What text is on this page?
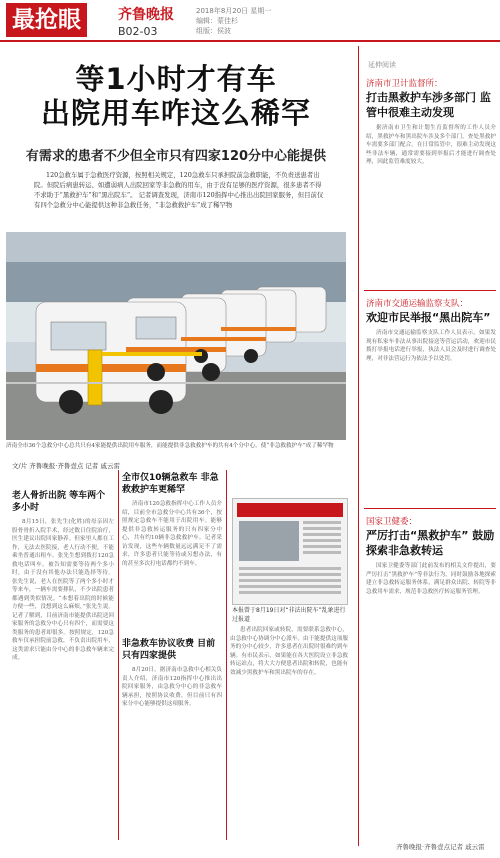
最抢眼	齐鲁晚报	2018年8月20日 星期一
编辑：蒙佳杉
组版：侯波
B02-03
等1小时才有车
出院用车咋这么稀罕
有需求的患者不少但全市只有四家120分中心能提供
120急救车属于急救医疗资源，按照相关规定，120急救车只承担院前急救职能，不负责送患者出院。但院后病患转运、如遭弱病人出院回家等非急救的用车，由于没有足够的医疗资源，很多患者不得不求助于“黑救护车”和“黑出院车”。 记者调查发现，济南市120指挥中心推出出院回家服务，但目前仅有四个急救分中心能提供这种非急救任务，“非急救救护车”成了稀罕物
济南全市36个急救分中心总共只有4家能提供出院用车服务，而能提供非急救救护车的共有4个分中心，使“非急救救护车”成了稀罕物
文/片 齐鲁晚报·齐鲁壹点 记者 戚云雷
老人骨折出院 等车两个多小时
8月15日，张先生(化姓)的母亲因左股骨骨折入院手术，经过数日住院治疗，医生建议出院回家静养。但家里人都在工作，无法去医院接，老人行动不便，不能乘坐普通出租车。张先生想到拨打120急救电话叫车，被告知需要等待两个多小时，由于没有其他办法只能选择等待。 张先生说，老人在医院等了两个多小时才等来车，一辆车需要排队，不少出院患者都遇到类似情况。“本想着出院的时候能方便一些，没想到这么麻烦，”张先生说。 记者了解到，目前济南市能提供出院送回家服务的急救分中心只有四个，而需要这类服务的患者却很多。按照规定，120急救车仅承担院前急救，不负责出院用车，这类需求只能由分中心的非急救车辆来完成。
全市仅10辆急救车 非急救救护车更稀罕
济南市120急救指挥中心工作人员介绍，目前全市急救分中心共有36个，按照规定急救车不能用于出院用车。能够提供非急救转运服务的只有四家分中心，共有约10辆非急救救护车。记者采访发现，这些车辆数量远远满足不了需求，许多患者只能等待或另想办法，有的甚至多次打电话都约不到车。
非急救车协议收费 目前只有四家提供
8月20日，据济南市急救中心相关负责人介绍，济南市120指挥中心推出出院回家服务，由急救分中心的非急救车辆承担，按照协议收费，但目前只有四家分中心能够提供这项服务。
本报曾于8月19日对“非法出院车”乱象进行过报道
患者出院回家或转院，需要联系急救中心，由急救中心协调分中心派车。由于能提供这项服务的分中心较少，许多患者在出院时很难约到车辆。有市民表示，如果能在各大医院设立非急救转运站点，将大大方便患者出院和转院，也能有效减少黑救护车和黑出院车的存在。
延伸阅读
济南市卫计监督所：
打击黑救护车涉多部门 监管中很难主动发现
据济南市卫生和计划生育监督所的工作人员介绍，黑救护车和黑出院车涉及多个部门，查处黑救护车需要多部门配合。在日常监管中，很难主动发现这些非法车辆，通常需要接到举报后才能进行调查处理，因此监管难度较大。
济南市交通运输监察支队：
欢迎市民举报“黑出院车”
济南市交通运输监察支队工作人员表示，如果发现有私家车非法从事出院接送等营运活动，欢迎市民拨打举报电话进行举报，执法人员会及时进行调查处理，对非法营运行为依法予以处罚。
国家卫健委：
严厉打击“黑救护车” 鼓励探索非急救转运
国家卫健委等部门此前发布的相关文件提出，要严厉打击“黑救护车”等非法行为，同时鼓励各地探索建立非急救转运服务体系，满足群众出院、转院等非急救用车需求，规范非急救医疗转运服务管理。
齐鲁晚报·齐鲁壹点记者 戚云雷
